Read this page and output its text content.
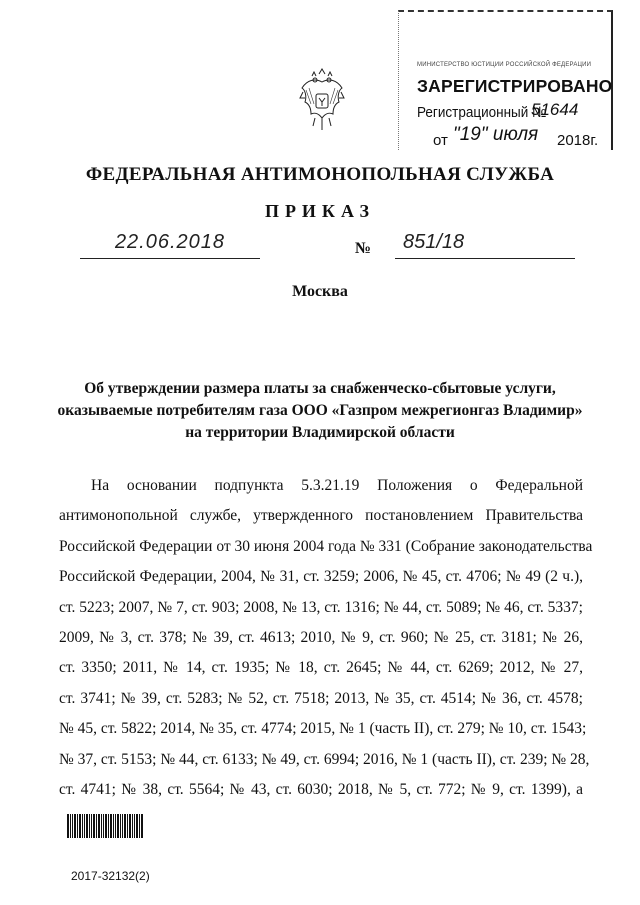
МИНИСТЕРСТВО ЮСТИЦИИ РОССИЙСКОЙ ФЕДЕРАЦИИ
ЗАРЕГИСТРИРОВАНО
Регистрационный №
51644
от "19" июля 2018г.
ФЕДЕРАЛЬНАЯ АНТИМОНОПОЛЬНАЯ СЛУЖБА
ПРИКАЗ
22.06.2018	№	851/18
Москва
Об утверждении размера платы за снабженческо-сбытовые услуги,
оказываемые потребителям газа ООО «Газпром межрегионгаз Владимир»
на территории Владимирской области
На основании подпункта 5.3.21.19 Положения о Федеральной
антимонопольной службе, утвержденного постановлением Правительства
Российской Федерации от 30 июня 2004 года № 331 (Собрание законодательства
Российской Федерации, 2004, № 31, ст. 3259; 2006, № 45, ст. 4706; № 49 (2 ч.),
ст. 5223; 2007, № 7, ст. 903; 2008, № 13, ст. 1316; № 44, ст. 5089; № 46, ст. 5337;
2009, № 3, ст. 378; № 39, ст. 4613; 2010, № 9, ст. 960; № 25, ст. 3181; № 26,
ст. 3350; 2011, № 14, ст. 1935; № 18, ст. 2645; № 44, ст. 6269; 2012, № 27,
ст. 3741; № 39, ст. 5283; № 52, ст. 7518; 2013, № 35, ст. 4514; № 36, ст. 4578;
№ 45, ст. 5822; 2014, № 35, ст. 4774; 2015, № 1 (часть II), ст. 279; № 10, ст. 1543;
№ 37, ст. 5153; № 44, ст. 6133; № 49, ст. 6994; 2016, № 1 (часть II), ст. 239; № 28,
ст. 4741; № 38, ст. 5564; № 43, ст. 6030; 2018, № 5, ст. 772; № 9, ст. 1399), а
2017-32132(2)
